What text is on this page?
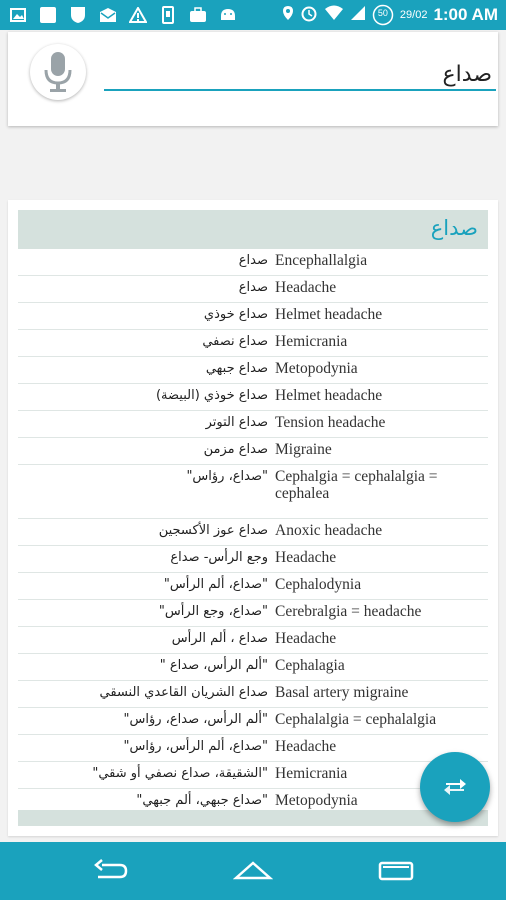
50	29/02 1:00 AM
صداع
صداع
صداع Encephallalgia
صداع Headache
صداع خوذي Helmet headache
صداع نصفي Hemicrania
صداع جبهي Metopodynia
صداع خوذي (البيضة) Helmet headache
صداع التوتر Tension headache
صداع مزمن Migraine
"صداع، رؤاس" Cephalgia = cephalalgia = cephalea
صداع عوز الأكسجين Anoxic headache
وجع الرأس- صداع Headache
"صداع، ألم الرأس" Cephalodynia
"صداع، وجع الرأس" Cerebralgia = headache
صداع ، ألم الرأس Headache
"ألم الرأس، صداع " Cephalagia
صداع الشريان القاعدي النسقي Basal artery migraine
"ألم الرأس، صداع، رؤاس" Cephalalgia = cephalalgia
"صداع، ألم الرأس، رؤاس" Headache
"الشقيقة، صداع نصفي أو شقي" Hemicrania
"صداع جبهي، ألم جبهي" Metopodynia
